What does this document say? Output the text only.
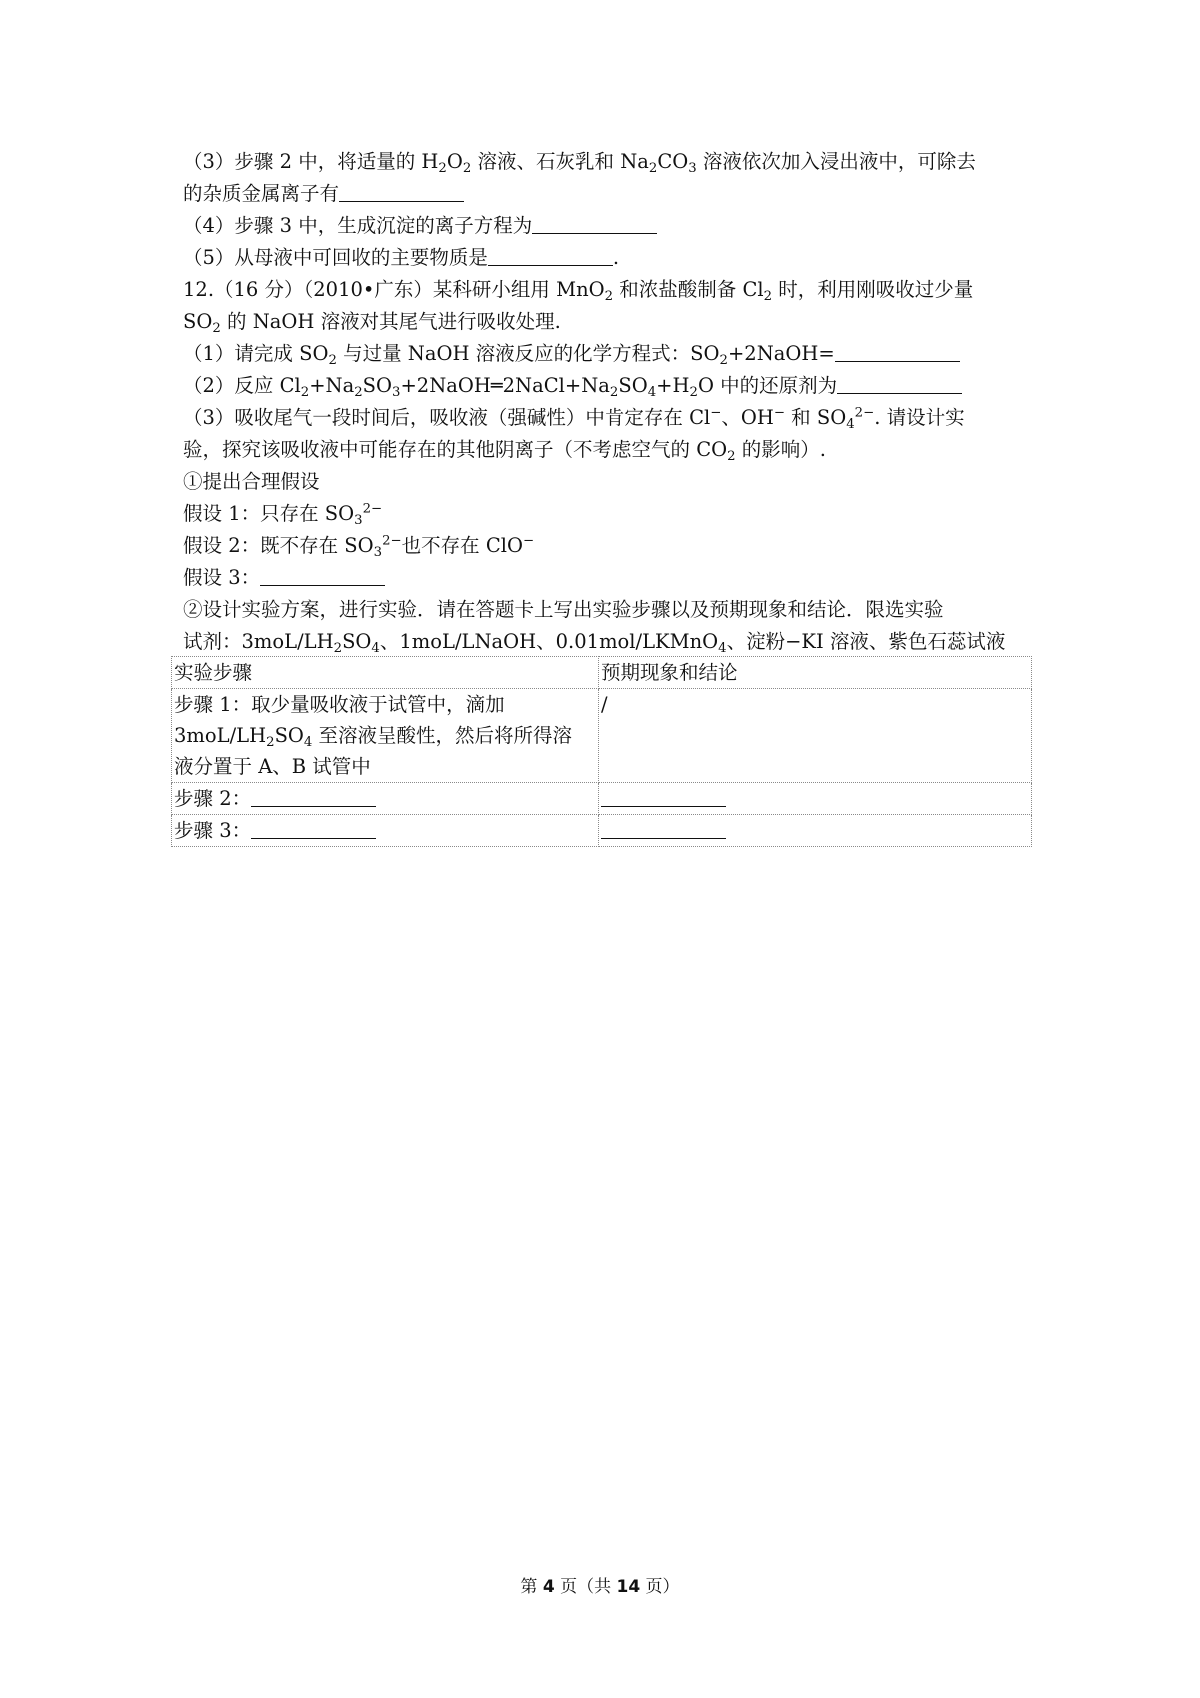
（3）步骤 2 中，将适量的 $H_2O_2$ 溶液、石灰乳和 $Na_2CO_3$ 溶液依次加入浸出液中，可除去
的杂质金属离子有
（4）步骤 3 中，生成沉淀的离子方程为
（5）从母液中可回收的主要物质是	.
12.（16 分）（2010•广东）某科研小组用 MnO$_2$ 和浓盐酸制备 $Cl_2$ 时，利用刚吸收过少量
$SO_2$ 的 NaOH 溶液对其尾气进行吸收处理.
（1）请完成 $SO_2$ 与过量 NaOH 溶液反应的化学方程式：$SO_2+2NaOH=$
（2）反应 $Cl_2+Na_2SO_3+2NaOH═2NaCl+Na_2SO_4+H_2O$ 中的还原剂为
（3）吸收尾气一段时间后，吸收液（强碱性）中肯定存在 Cl−、OH− 和 $SO_4^{2-}$. 请设计实
验，探究该吸收液中可能存在的其他阴离子（不考虑空气的 $CO_2$ 的影响）.
①提出合理假设
假设 1：只存在 $SO_3^{2-}$
假设 2：既不存在 $SO_3^{2-}$也不存在 ClO−
假设 3：
②设计实验方案，进行实验．请在答题卡上写出实验步骤以及预期现象和结论．限选实验
试剂：$3moL/LH_2SO_4$、1moL/LNaOH、0.01mol/LKMnO$_4$、淀粉−KI 溶液、紫色石蕊试液
实验步骤	预期现象和结论

步骤 1：取少量吸收液于试管中，滴加
$3moL/LH_2SO_4$ 至溶液呈酸性，然后将所得溶
液分置于 A、B 试管中	/
步骤 2：	
步骤 3：	
第 4 页（共 14 页）
